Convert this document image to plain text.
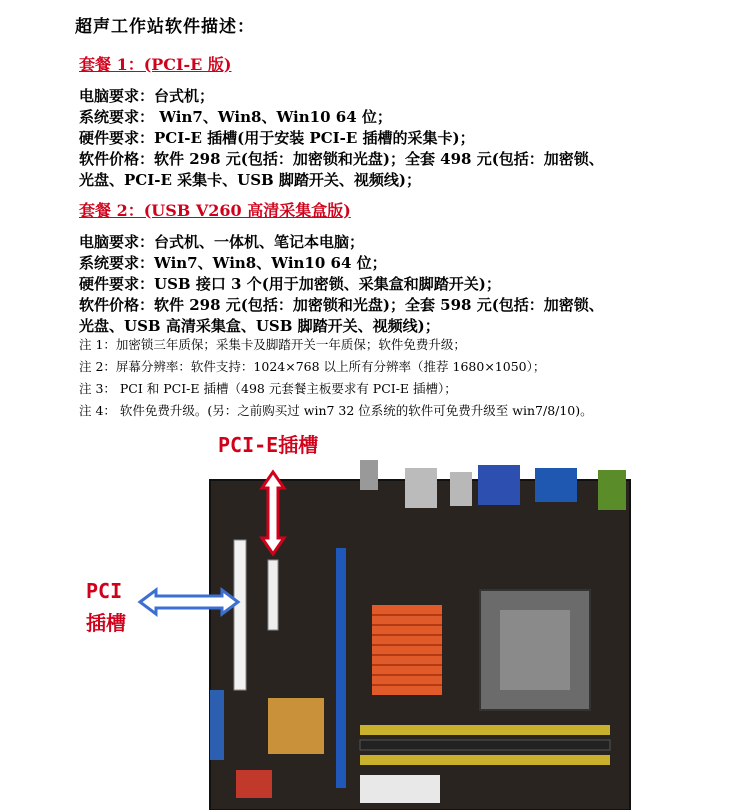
超声工作站软件描述：
套餐 1：(PCI-E 版)
电脑要求：台式机；
系统要求： Win7、Win8、Win10 64 位；
硬件要求：PCI-E 插槽(用于安装 PCI-E 插槽的采集卡)；
软件价格：软件 298 元(包括：加密锁和光盘)；全套 498 元(包括：加密锁、
光盘、PCI-E 采集卡、USB 脚踏开关、视频线)；
套餐 2：(USB V260 高清采集盒版)
电脑要求：台式机、一体机、笔记本电脑；
系统要求：Win7、Win8、Win10 64 位；
硬件要求：USB 接口 3 个(用于加密锁、采集盒和脚踏开关)；
软件价格：软件 298 元(包括：加密锁和光盘)；全套 598 元(包括：加密锁、
光盘、USB 高清采集盒、USB 脚踏开关、视频线)；
注 1：加密锁三年质保；采集卡及脚踏开关一年质保；软件免费升级；
注 2：屏幕分辨率：软件支持：1024×768 以上所有分辨率（推荐 1680×1050）；
注 3： PCI 和 PCI-E 插槽（498 元套餐主板要求有 PCI-E 插槽）；
注 4： 软件免费升级。(另：之前购买过 win7 32 位系统的软件可免费升级至 win7/8/10)。
PCI-E插槽
PCI
插槽
